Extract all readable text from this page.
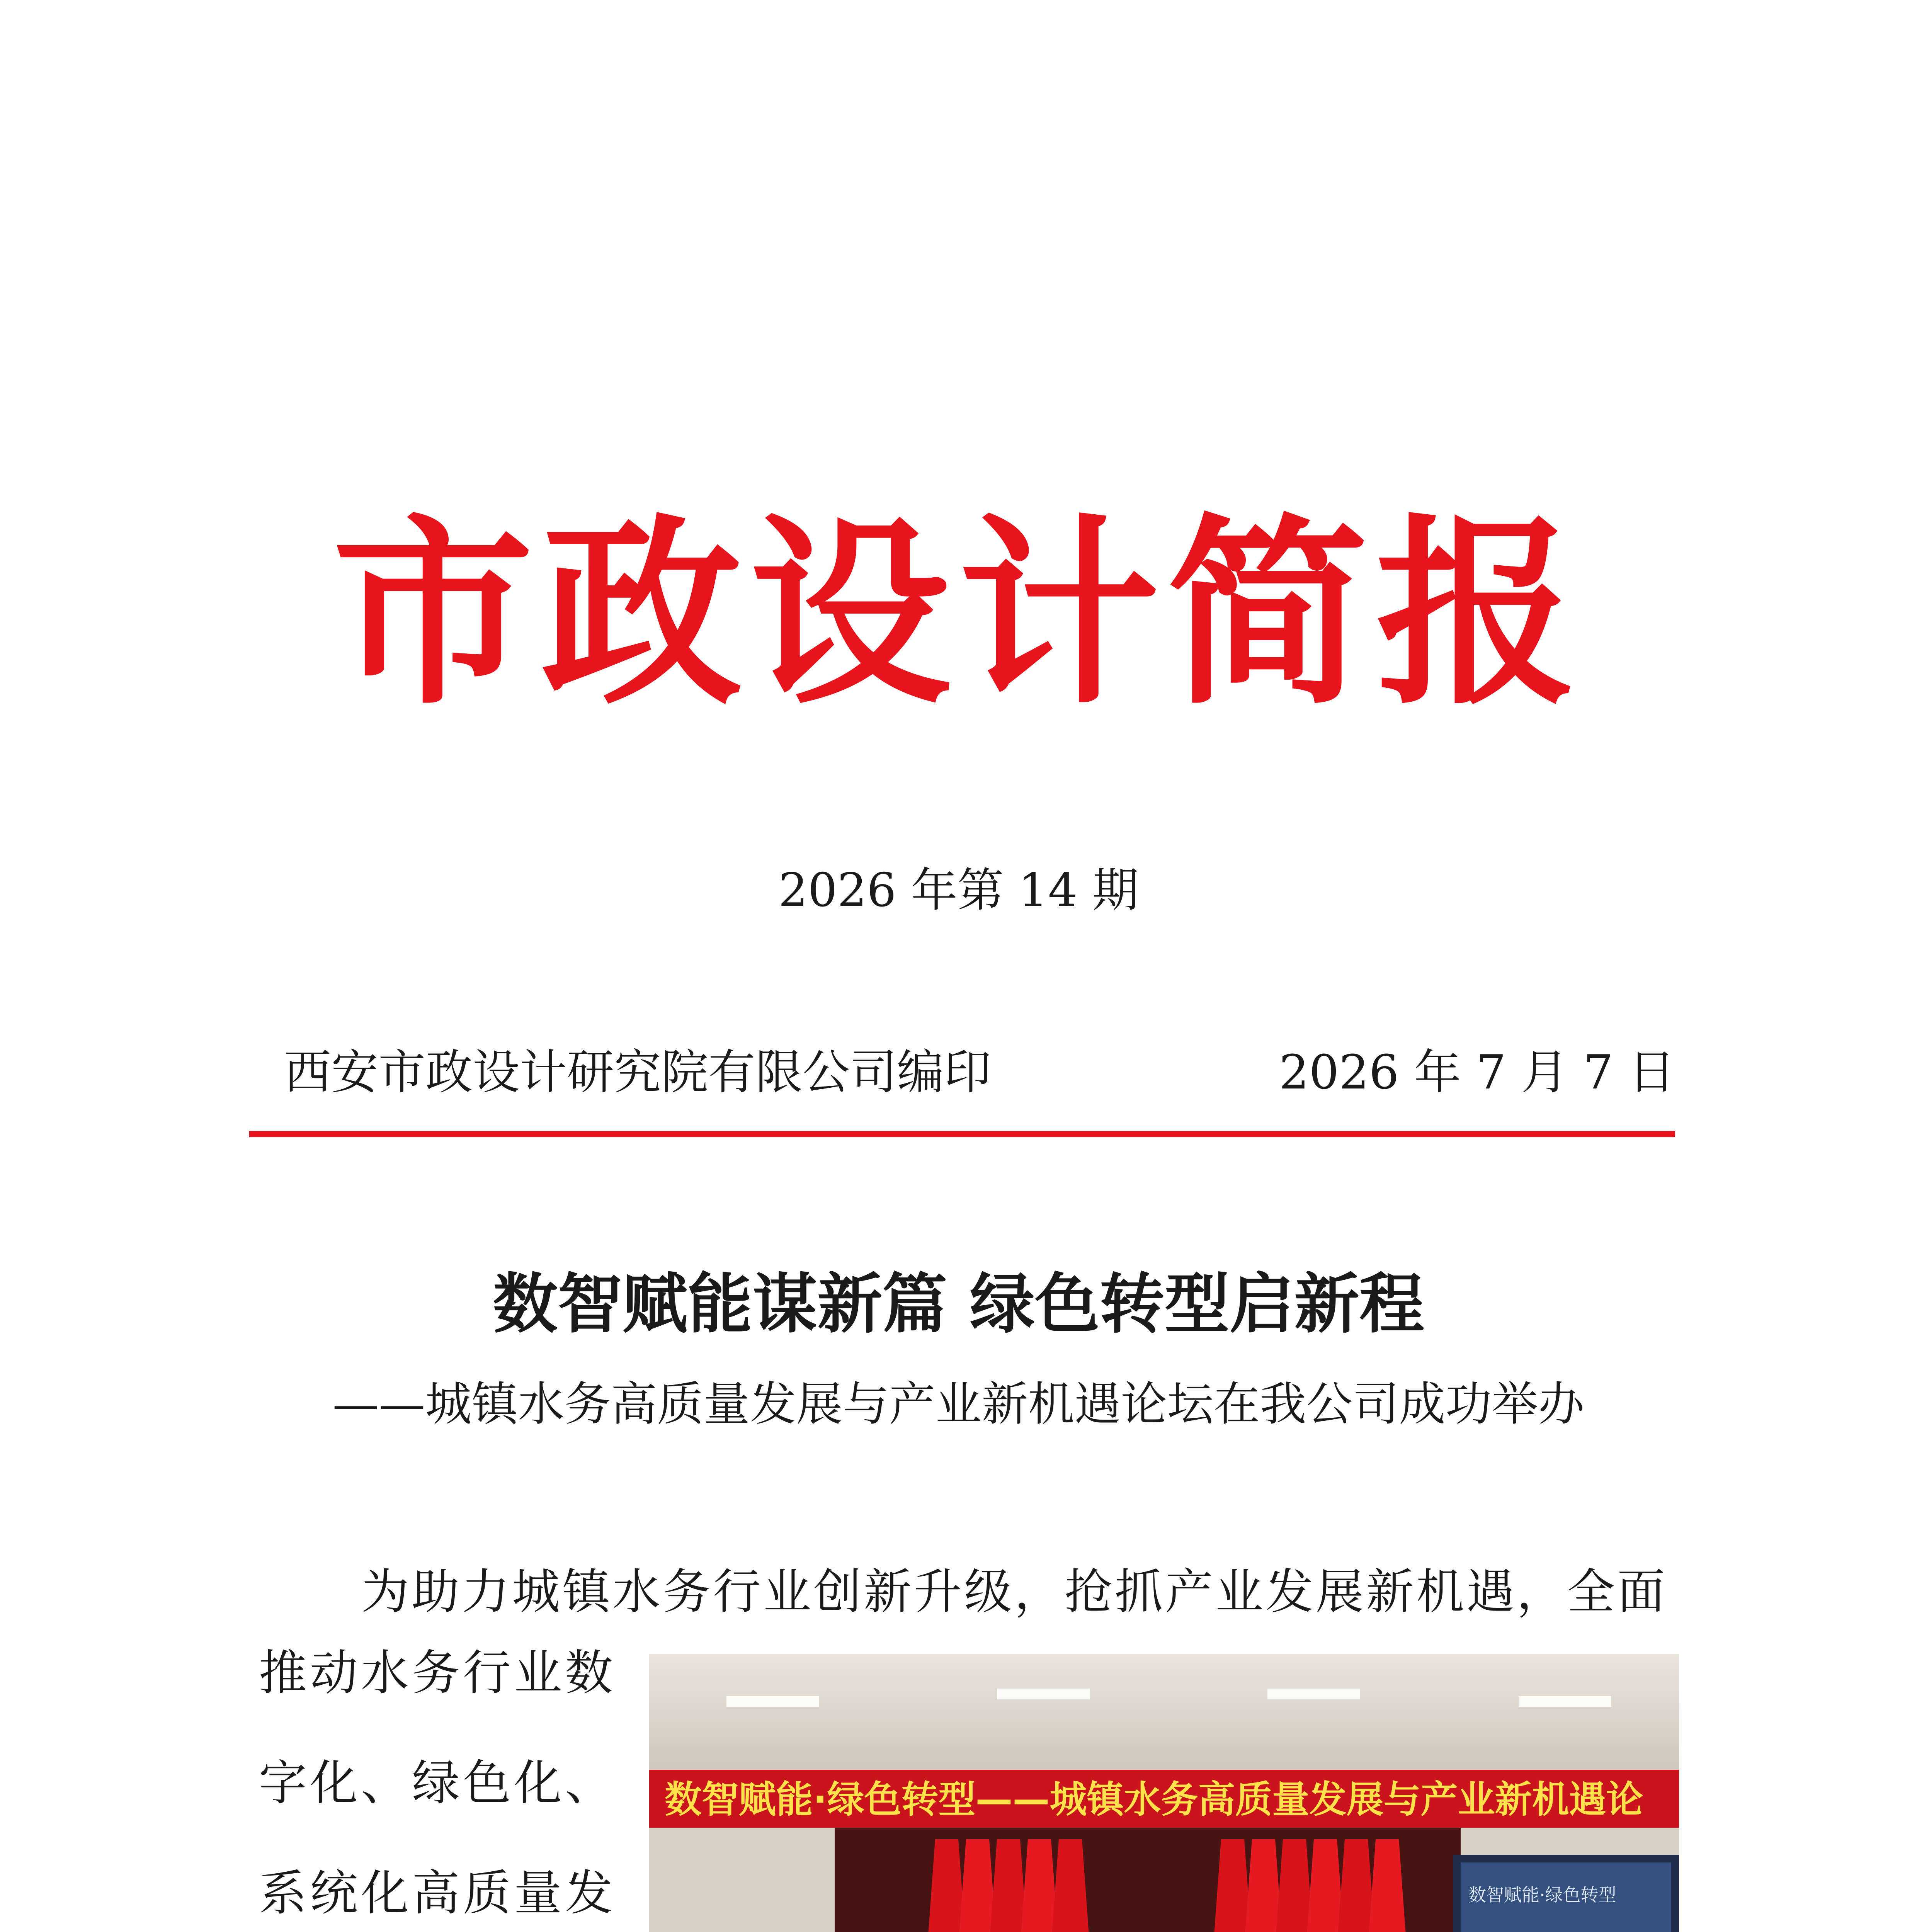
市政设计简报
2026 年第 14 期
西安市政设计研究院有限公司编印	2026 年 7 月 7 日
数智赋能谋新篇 绿色转型启新程
——城镇水务高质量发展与产业新机遇论坛在我公司成功举办
为助力城镇水务行业创新升级，抢抓产业发展新机遇，全面
推动水务行业数
字化、绿色化、
系统化高质量发
数智赋能·绿色转型——城镇水务高质量发展与产业新机遇论
数智赋能·绿色转型
